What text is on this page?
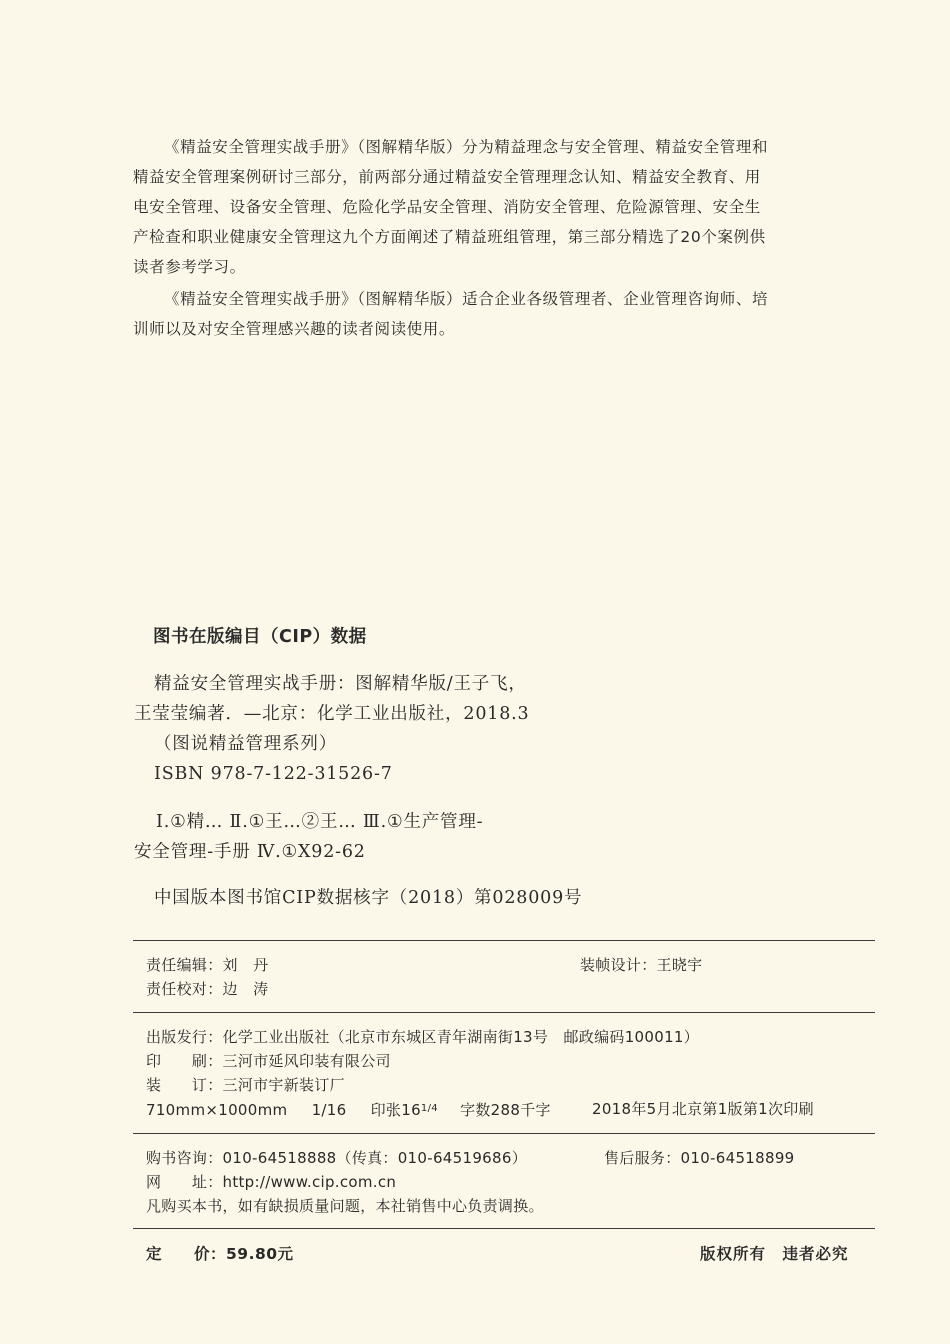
《精益安全管理实战手册》（图解精华版）分为精益理念与安全管理、精益安全管理和
精益安全管理案例研讨三部分，前两部分通过精益安全管理理念认知、精益安全教育、用
电安全管理、设备安全管理、危险化学品安全管理、消防安全管理、危险源管理、安全生
产检查和职业健康安全管理这九个方面阐述了精益班组管理，第三部分精选了20个案例供
读者参考学习。
《精益安全管理实战手册》（图解精华版）适合企业各级管理者、企业管理咨询师、培
训师以及对安全管理感兴趣的读者阅读使用。
图书在版编目（CIP）数据
精益安全管理实战手册：图解精华版/王子飞，
王莹莹编著．—北京：化学工业出版社，2018.3
（图说精益管理系列）
ISBN 978-7-122-31526-7
Ⅰ.①精… Ⅱ.①王…②王… Ⅲ.①生产管理-
安全管理-手册 Ⅳ.①X92-62
中国版本图书馆CIP数据核字（2018）第028009号
责任编辑：刘　丹	装帧设计：王晓宇
责任校对：边　涛
出版发行：化学工业出版社（北京市东城区青年湖南街13号　邮政编码100011）
印　　刷：三河市延风印装有限公司
装　　订：三河市宇新装订厂
710mm×1000mm 1/16 印张$16^{1/4}$ 字数288千字	2018年5月北京第1版第1次印刷
购书咨询：010-64518888（传真：010-64519686）	售后服务：010-64518899
网　　址：http://www.cip.com.cn
凡购买本书，如有缺损质量问题，本社销售中心负责调换。
定　　价：59.80元	版权所有　违者必究
